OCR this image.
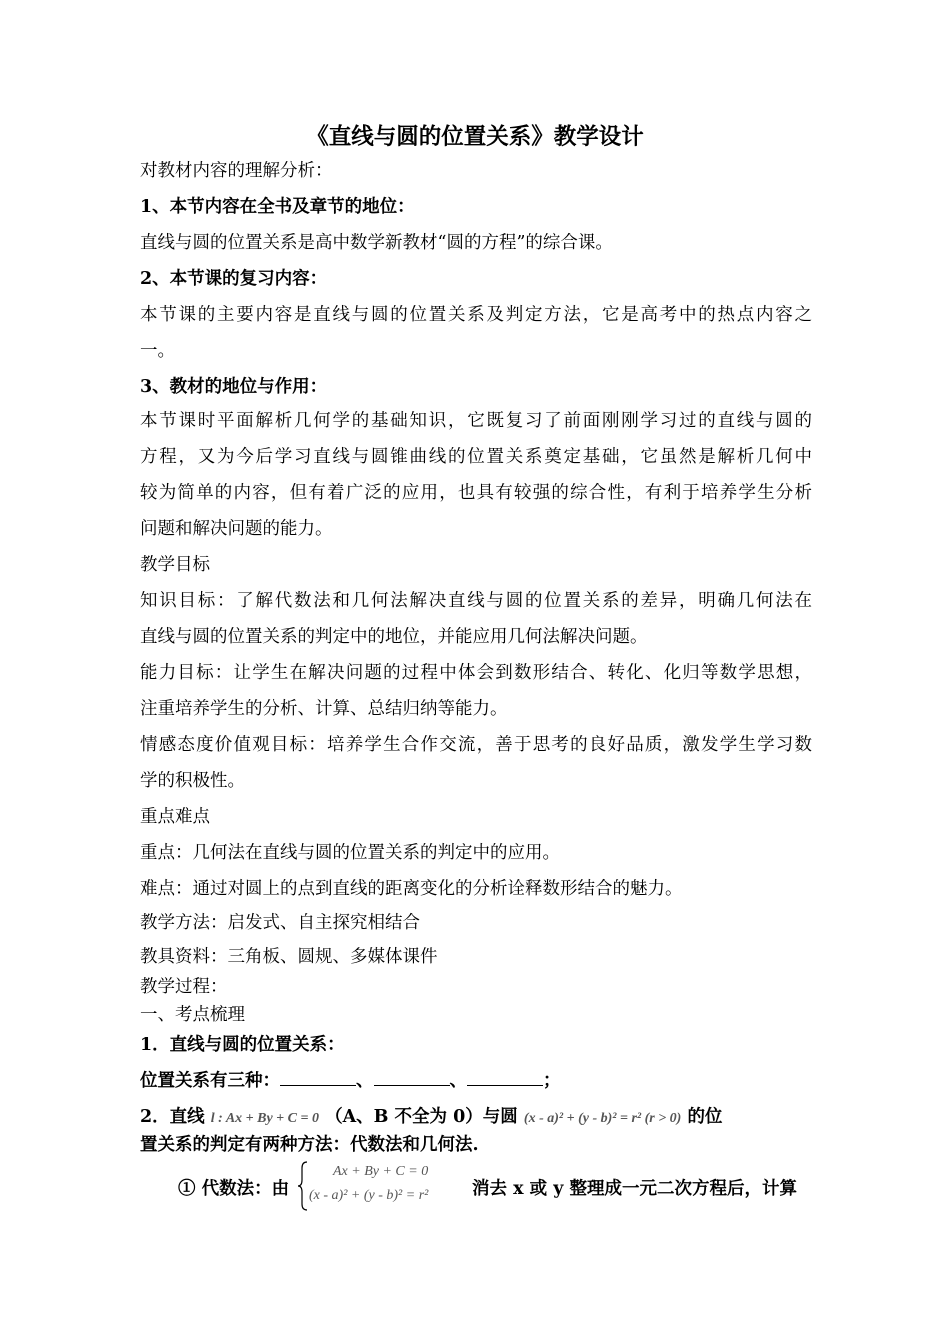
《直线与圆的位置关系》教学设计
对教材内容的理解分析：
1、本节内容在全书及章节的地位：
直线与圆的位置关系是高中数学新教材“圆的方程”的综合课。
2、本节课的复习内容：
本节课的主要内容是直线与圆的位置关系及判定方法，它是高考中的热点内容之
一。
3、教材的地位与作用：
本节课时平面解析几何学的基础知识，它既复习了前面刚刚学习过的直线与圆的
方程，又为今后学习直线与圆锥曲线的位置关系奠定基础，它虽然是解析几何中
较为简单的内容，但有着广泛的应用，也具有较强的综合性，有利于培养学生分析
问题和解决问题的能力。
教学目标
知识目标：了解代数法和几何法解决直线与圆的位置关系的差异，明确几何法在
直线与圆的位置关系的判定中的地位，并能应用几何法解决问题。
能力目标：让学生在解决问题的过程中体会到数形结合、转化、化归等数学思想，
注重培养学生的分析、计算、总结归纳等能力。
情感态度价值观目标：培养学生合作交流，善于思考的良好品质，激发学生学习数
学的积极性。
重点难点
重点：几何法在直线与圆的位置关系的判定中的应用。
难点：通过对圆上的点到直线的距离变化的分析诠释数形结合的魅力。
教学方法：启发式、自主探究相结合
教具资料：三角板、圆规、多媒体课件
教学过程：
一、考点梳理
1．直线与圆的位置关系：
位置关系有三种：	、	、	；
2．直线 l : Ax + By + C = 0 （A、B 不全为 0）与圆 (x - a)² + (y - b)² = r² (r > 0) 的位
置关系的判定有两种方法：代数法和几何法.
① 代数法：由
Ax + By + C = 0
(x - a)² + (y - b)² = r² 消去 x 或 y 整理成一元二次方程后，计算
